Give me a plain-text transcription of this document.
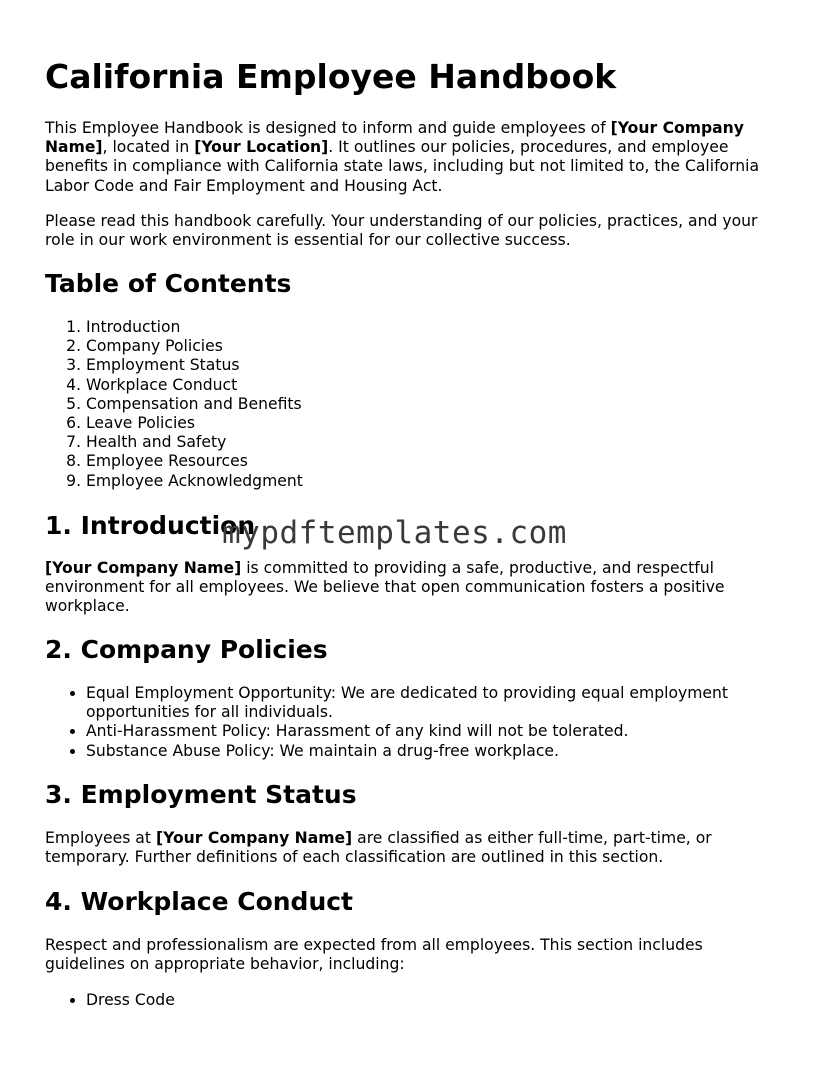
California Employee Handbook

This Employee Handbook is designed to inform and guide employees of [Your Company Name], located in [Your Location]. It outlines our policies, procedures, and employee benefits in compliance with California state laws, including but not limited to, the California Labor Code and Fair Employment and Housing Act.

Please read this handbook carefully. Your understanding of our policies, practices, and your role in our work environment is essential for our collective success.

Table of Contents
1. Introduction
2. Company Policies
3. Employment Status
4. Workplace Conduct
5. Compensation and Benefits
6. Leave Policies
7. Health and Safety
8. Employee Resources
9. Employee Acknowledgment
1. Introduction

[Your Company Name] is committed to providing a safe, productive, and respectful environment for all employees. We believe that open communication fosters a positive workplace.

2. Company Policies
• Equal Employment Opportunity: We are dedicated to providing equal employment opportunities for all individuals.
• Anti-Harassment Policy: Harassment of any kind will not be tolerated.
• Substance Abuse Policy: We maintain a drug-free workplace.
3. Employment Status

Employees at [Your Company Name] are classified as either full-time, part-time, or temporary. Further definitions of each classification are outlined in this section.

4. Workplace Conduct

Respect and professionalism are expected from all employees. This section includes guidelines on appropriate behavior, including:

• Dress Code
mypdftemplates.com
